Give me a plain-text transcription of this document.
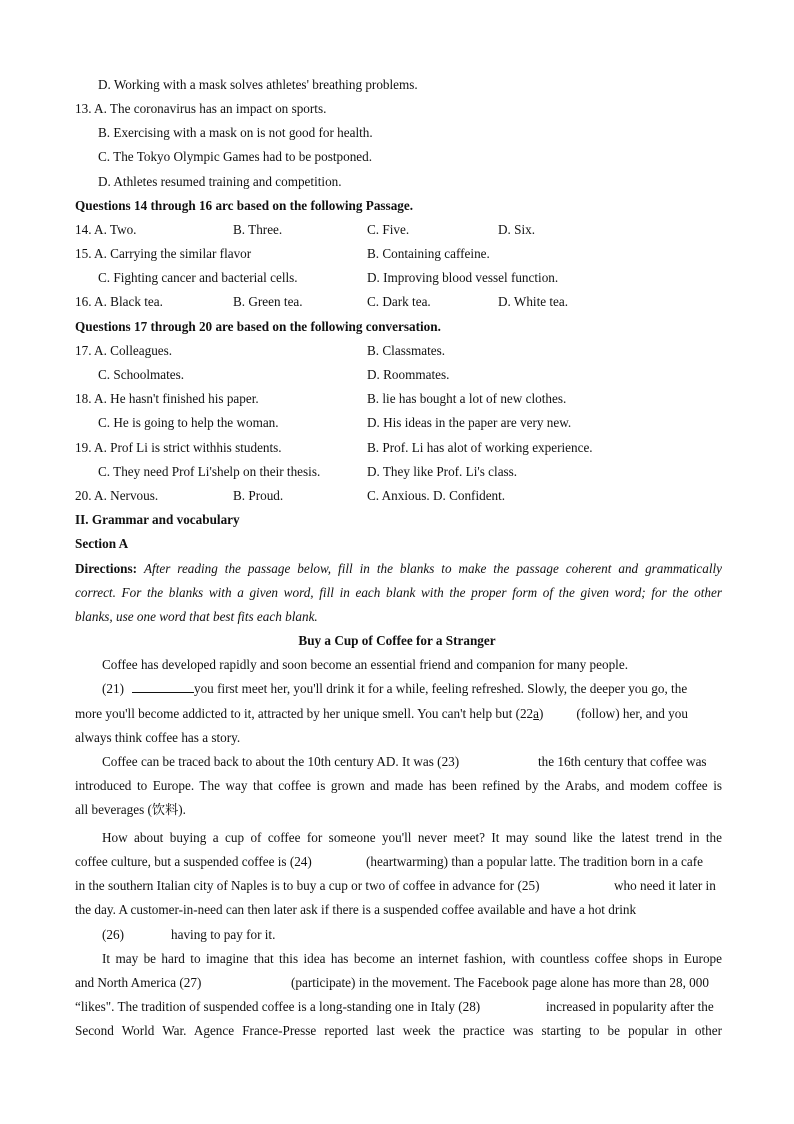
D. Working with a mask solves athletes' breathing problems.
13. A. The coronavirus has an impact on sports.
B. Exercising with a mask on is not good for health.
C. The Tokyo Olympic Games had to be postponed.
D. Athletes resumed training and competition.
Questions 14 through 16 arc based on the following Passage.
14. A. Two.	B. Three.	C. Five.	D. Six.
15. A. Carrying the similar flavor	B. Containing caffeine.
C. Fighting cancer and bacterial cells.	D. Improving blood vessel function.
16. A. Black tea.	B. Green tea.	C. Dark tea.	D. White tea.
Questions 17 through 20 are based on the following conversation.
17. A. Colleagues.	B. Classmates.
C. Schoolmates.	D. Roommates.
18. A. He hasn't finished his paper.	B. lie has bought a lot of new clothes.
C. He is going to help the woman.	D. His ideas in the paper are very new.
19. A. Prof Li is strict withhis students.	B. Prof. Li has alot of working experience.
C. They need Prof Li'shelp on their thesis.	D. They like Prof. Li's class.
20. A. Nervous.	B. Proud.	C. Anxious. D. Confident.
II. Grammar and vocabulary
Section A
Directions: After reading the passage below, fill in the blanks to make the passage coherent and grammatically
correct. For the blanks with a given word, fill in each blank with the proper form of the given word; for the other
blanks, use one word that best fits each blank.
Buy a Cup of Coffee for a Stranger
Coffee has developed rapidly and soon become an essential friend and companion for many people.
(21)	you first meet her, you'll drink it for a while, feeling refreshed. Slowly, the deeper you go, the
more you'll become addicted to it, attracted by her unique smell. You can't help but (22a)          (follow) her, and you
always think coffee has a story.
Coffee can be traced back to about the 10th century AD. It was (23)	the 16th century that coffee was
introduced to Europe. The way that coffee is grown and made has been refined by the Arabs, and modem coffee is
all beverages (饮料).
How about buying a cup of coffee for someone you'll never meet? It may sound like the latest trend in the
coffee culture, but a suspended coffee is (24)	(heartwarming) than a popular latte. The tradition born in a cafe
in the southern Italian city of Naples is to buy a cup or two of coffee in advance for (25)	who need it later in
the day. A customer-in-need can then later ask if there is a suspended coffee available and have a hot drink
(26)	having to pay for it.
It may be hard to imagine that this idea has become an internet fashion, with countless coffee shops in Europe
and North America (27)	(participate) in the movement. The Facebook page alone has more than 28, 000
“likes". The tradition of suspended coffee is a long-standing one in Italy (28)	increased in popularity after the
Second World War. Agence France-Presse reported last week the practice was starting to be popular in other
